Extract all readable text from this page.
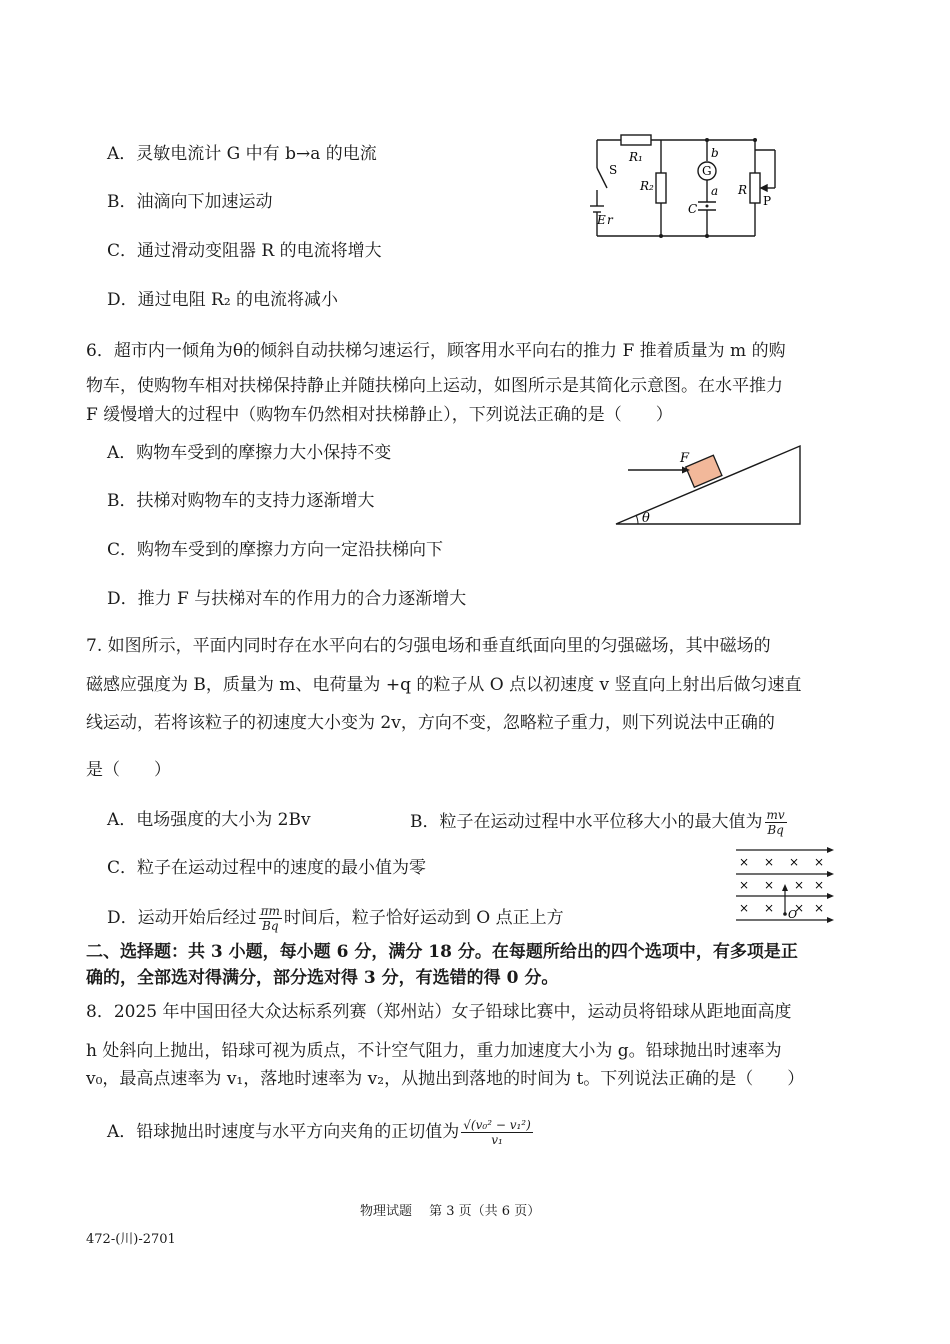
A．灵敏电流计 G 中有 b→a 的电流
B．油滴向下加速运动
C．通过滑动变阻器 R 的电流将增大
D．通过电阻 R₂ 的电流将减小
R₁
S
R₂
E r
G
b
a
C
R
P
6．超市内一倾角为θ的倾斜自动扶梯匀速运行，顾客用水平向右的推力 F 推着质量为 m 的购
物车，使购物车相对扶梯保持静止并随扶梯向上运动，如图所示是其简化示意图。在水平推力
F 缓慢增大的过程中（购物车仍然相对扶梯静止），下列说法正确的是（　　）
A．购物车受到的摩擦力大小保持不变
B．扶梯对购物车的支持力逐渐增大
C．购物车受到的摩擦力方向一定沿扶梯向下
D．推力 F 与扶梯对车的作用力的合力逐渐增大
F
θ
7. 如图所示，平面内同时存在水平向右的匀强电场和垂直纸面向里的匀强磁场，其中磁场的
磁感应强度为 B，质量为 m、电荷量为 +q 的粒子从 O 点以初速度 v 竖直向上射出后做匀速直
线运动，若将该粒子的初速度大小变为 2v，方向不变，忽略粒子重力，则下列说法中正确的
是（　　）
A．电场强度的大小为 2Bv	B．粒子在运动过程中水平位移大小的最大值为 $\frac{mv}{Bq}$
C．粒子在运动过程中的速度的最小值为零
D．运动开始后经过 $\frac{\pi m}{Bq}$ 时间后，粒子恰好运动到 O 点正上方
× × × ×
× × × ×
× × × ×
O
二、选择题：共 3 小题，每小题 6 分，满分 18 分。在每题所给出的四个选项中，有多项是正
确的，全部选对得满分，部分选对得 3 分，有选错的得 0 分。
8．2025 年中国田径大众达标系列赛（郑州站）女子铅球比赛中，运动员将铅球从距地面高度
h 处斜向上抛出，铅球可视为质点，不计空气阻力，重力加速度大小为 g。铅球抛出时速率为
v₀，最高点速率为 v₁，落地时速率为 v₂，从抛出到落地的时间为 t。下列说法正确的是（　　）
A．铅球抛出时速度与水平方向夹角的正切值为 $\frac{\text{√(v₀² − v₁²)}}{\text{v₁}}$
物理试题　 第 3 页（共 6 页）
472-(川)-2701
